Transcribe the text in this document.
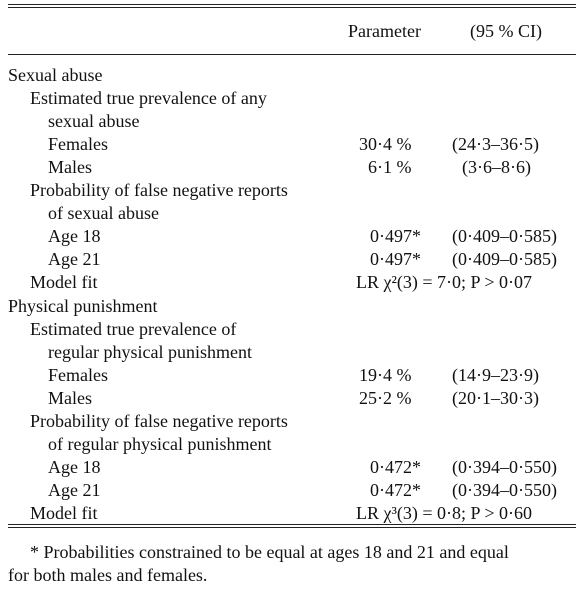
Parameter	(95 % CI)
Sexual abuse
Estimated true prevalence of any
sexual abuse
Females	30·4 % (24·3–36·5)
Males	6·1 %	(3·6–8·6)
Probability of false negative reports
of sexual abuse
Age 18	0·497* (0·409–0·585)
Age 21	0·497* (0·409–0·585)
Model fit	LR χ²(3) = 7·0; P > 0·07
Physical punishment
Estimated true prevalence of
regular physical punishment
Females	19·4 % (14·9–23·9)
Males	25·2 % (20·1–30·3)
Probability of false negative reports
of regular physical punishment
Age 18	0·472* (0·394–0·550)
Age 21	0·472* (0·394–0·550)
Model fit	LR χ³(3) = 0·8; P > 0·60
* Probabilities constrained to be equal at ages 18 and 21 and equal
for both males and females.
